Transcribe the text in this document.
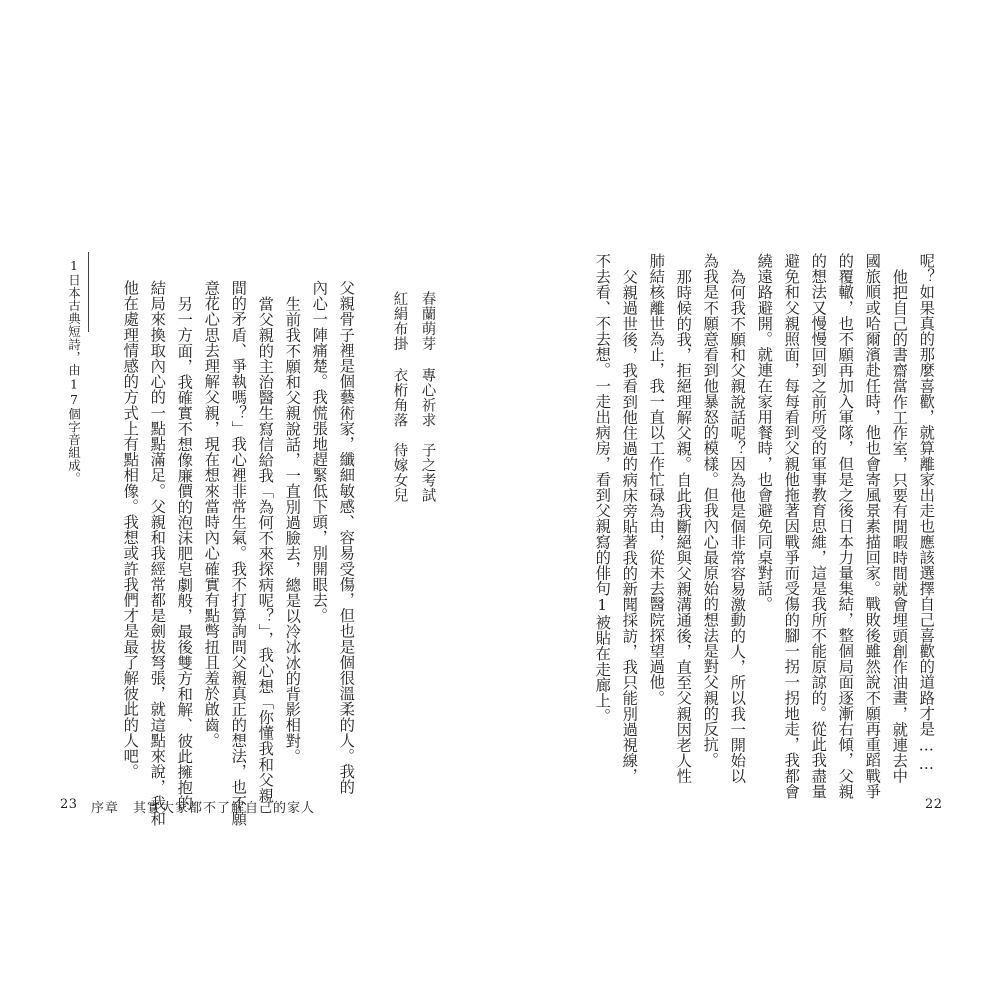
1日本古典短詩，由17個字音組成。	父親骨子裡是個藝術家，纖細敏感、容易受傷，但也是個很溫柔的人。我的
內心一陣痛楚。我慌張地趕緊低下頭，別開眼去。
生前我不願和父親說話，一直別過臉去，總是以冷冰冰的背影相對。
當父親的主治醫生寫信給我「為何不來探病呢？」，我心想「你懂我和父親
間的矛盾、爭執嗎？」我心裡非常生氣。我不打算詢問父親真正的想法，也不願
意花心思去理解父親，現在想來當時內心確實有點彆扭且羞於啟齒。
另一方面，我確實不想像廉價的泡沫肥皂劇般，最後雙方和解、彼此擁抱的
結局來換取內心的一點點滿足。父親和我經常都是劍拔弩張，就這點來說，我和
他在處理情感的方式上有點相像。我想或許我們才是最了解彼此的人吧。	春蘭萌芽 專心祈求　子之考試
紅絹布掛 衣桁角落　待嫁女兒
23 序章　其實大家都不了解自己的家人
呢？如果真的那麼喜歡，就算離家出走也應該選擇自己喜歡的道路才是……
他把自己的書齋當作工作室，只要有閒暇時間就會埋頭創作油畫，就連去中
國旅順或哈爾濱赴任時，他也會寄風景素描回家。戰敗後雖然說不願再重蹈戰爭
的覆轍，也不願再加入軍隊，但是之後日本力量集結，整個局面逐漸右傾，父親
的想法又慢慢回到之前所受的軍事教育思維，這是我所不能原諒的。從此我盡量
避免和父親照面，每每看到父親他拖著因戰爭而受傷的腳一拐一拐地走，我都會
繞遠路避開。就連在家用餐時，也會避免同桌對話。
為何我不願和父親說話呢？因為他是個非常容易激動的人，所以我一開始以
為我是不願意看到他暴怒的模樣。但我內心最原始的想法是對父親的反抗。
那時候的我，拒絕理解父親。自此我斷絕與父親溝通後，直至父親因老人性
肺結核離世為止，我一直以工作忙碌為由，從未去醫院探望過他。
父親過世後，我看到他住過的病床旁貼著我的新聞採訪，我只能別過視線，
不去看、不去想。一走出病房，看到父親寫的俳句1被貼在走廊上。
22
